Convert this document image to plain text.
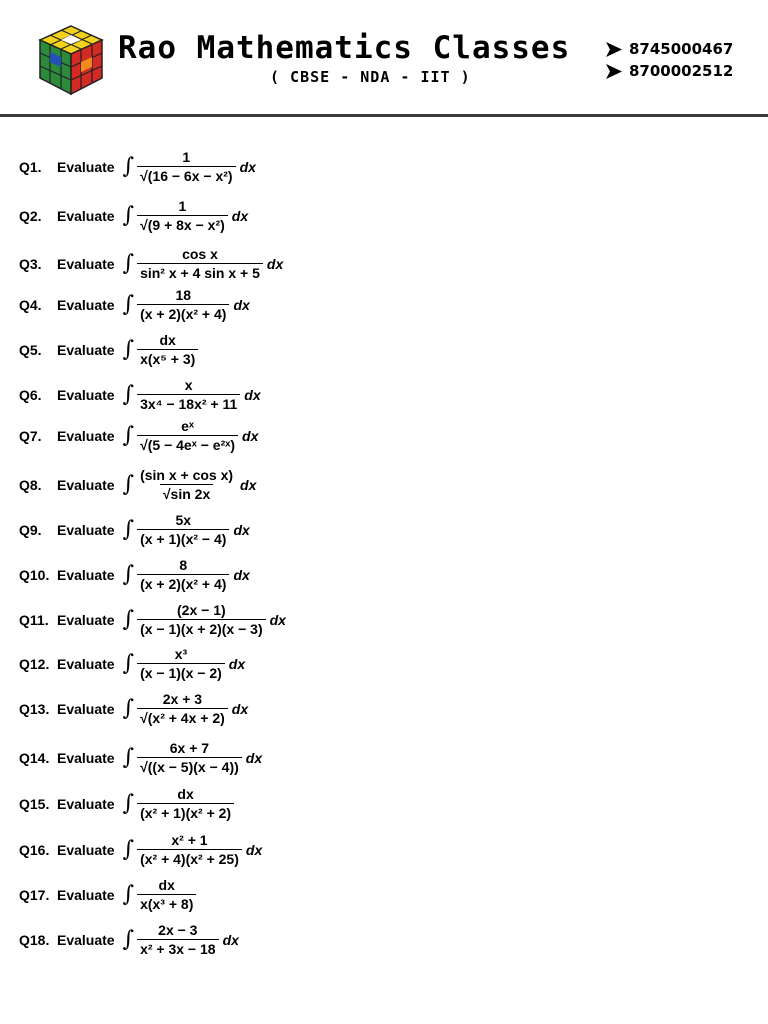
Rao Mathematics Classes
( CBSE - NDA - IIT )
8745000467
8700002512
Q1.	Evaluate ∫ $\frac{1}{\text{√(16 − 6x − x²)}}$ dx
Q2.	Evaluate ∫ $\frac{1}{\text{√(9 + 8x − x²)}}$ dx
Q3.	Evaluate ∫ $\frac{\text{cos x}}{\text{sin² x + 4 sin x + 5}}$ dx
Q4.	Evaluate ∫ $\frac{18}{\text{(x + 2)(x² + 4)}}$ dx
Q5.	Evaluate ∫ $\frac{dx}{\text{x(x⁵ + 3)}}$
Q6.	Evaluate ∫ $\frac{x}{\text{3x⁴ − 18x² + 11}}$ dx
Q7.	Evaluate ∫ $\frac{\text{eˣ}}{\text{√(5 − 4eˣ − e²ˣ)}}$ dx
Q8.	Evaluate ∫ $\frac{\text{(sin x + cos x)}}{√\sin 2x}$ dx
Q9.	Evaluate ∫ $\frac{5x}{\text{(x + 1)(x² − 4)}}$ dx
Q10. Evaluate ∫ $\frac{8}{\text{(x + 2)(x² + 4)}}$ dx
Q11. Evaluate ∫ $\frac{(2x - 1)}{(x - 1)(x + 2)(x - 3)}$ dx
Q12. Evaluate ∫ $\frac{\text{x³}}{(x - 1)(x - 2)}$ dx
Q13. Evaluate ∫ $\frac{2x + 3}{\text{√(x² + 4x + 2)}}$ dx
Q14. Evaluate ∫ $\frac{6x + 7}{√((x - 5)(x - 4))}$ dx
Q15. Evaluate ∫ $\frac{dx}{\text{(x² + 1)(x² + 2)}}$
Q16. Evaluate ∫ $\frac{\text{x² + 1}}{\text{(x² + 4)(x² + 25)}}$ dx
Q17. Evaluate ∫ $\frac{dx}{\text{x(x³ + 8)}}$
Q18. Evaluate ∫ $\frac{2x - 3}{\text{x² + 3x − 18}}$ dx
